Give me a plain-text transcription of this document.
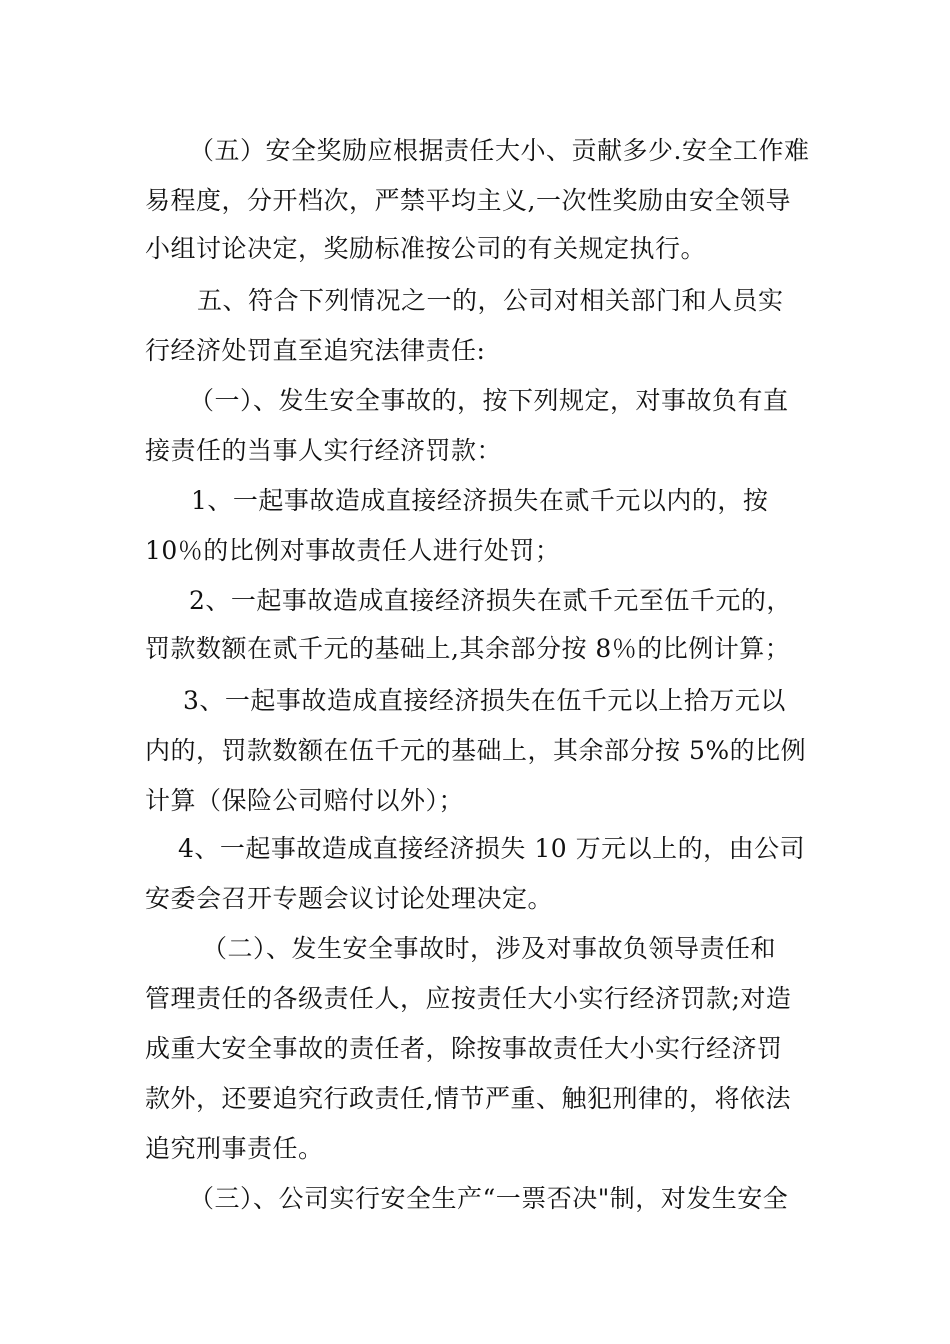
（五）安全奖励应根据责任大小、贡献多少.安全工作难
易程度，分开档次，严禁平均主义,一次性奖励由安全领导
小组讨论决定，奖励标准按公司的有关规定执行。
五、符合下列情况之一的，公司对相关部门和人员实
行经济处罚直至追究法律责任:
（一）、发生安全事故的，按下列规定，对事故负有直
接责任的当事人实行经济罚款：
1、一起事故造成直接经济损失在贰千元以内的，按
10％的比例对事故责任人进行处罚；
2、一起事故造成直接经济损失在贰千元至伍千元的，
罚款数额在贰千元的基础上,其余部分按 8％的比例计算；
3、一起事故造成直接经济损失在伍千元以上拾万元以
内的，罚款数额在伍千元的基础上，其余部分按 5%的比例
计算（保险公司赔付以外）；
4、一起事故造成直接经济损失 10 万元以上的，由公司
安委会召开专题会议讨论处理决定。
（二）、发生安全事故时，涉及对事故负领导责任和
管理责任的各级责任人，应按责任大小实行经济罚款;对造
成重大安全事故的责任者，除按事故责任大小实行经济罚
款外，还要追究行政责任,情节严重、触犯刑律的，将依法
追究刑事责任。
（三）、公司实行安全生产“一票否决"制，对发生安全
